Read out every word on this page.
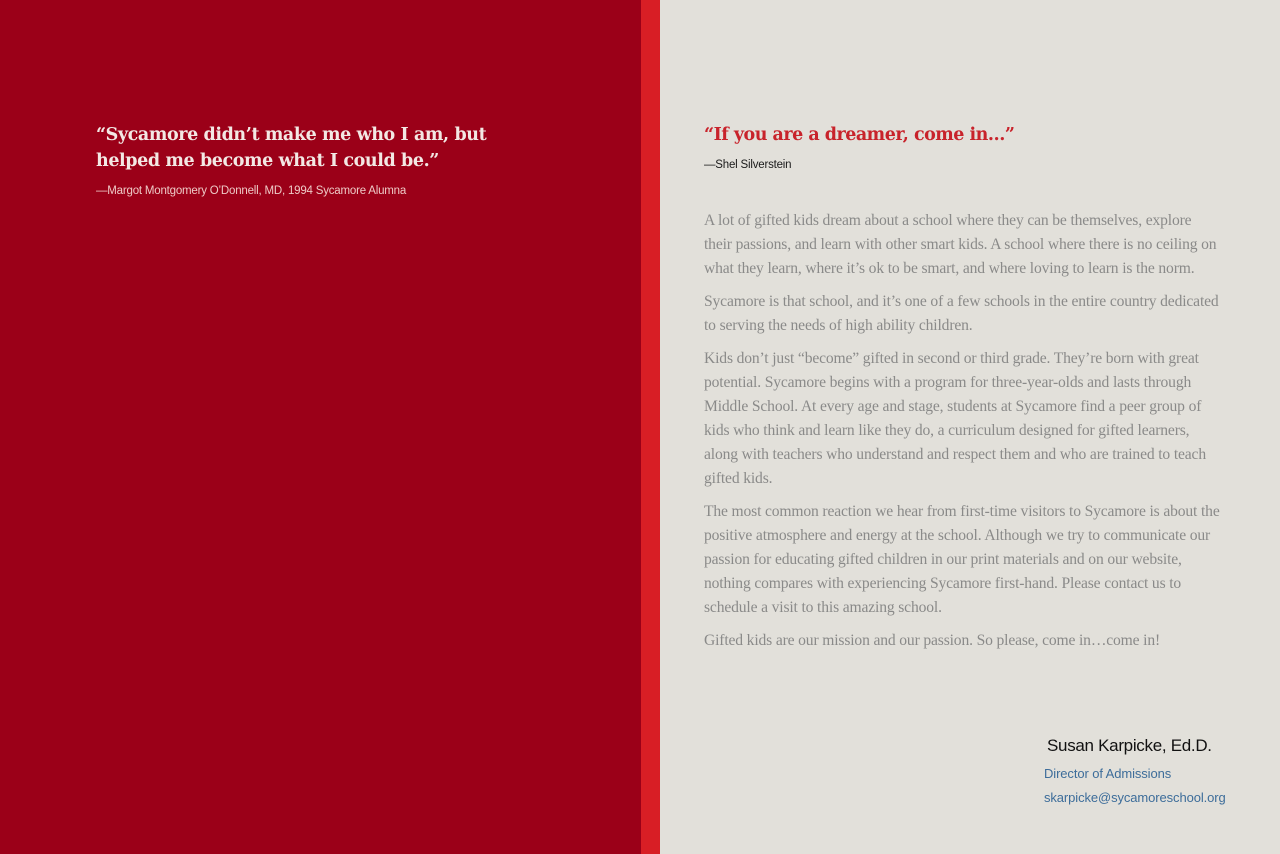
“Sycamore didn’t make me who I am, but helped me become what I could be.”

—Margot Montgomery O’Donnell, MD, 1994 Sycamore Alumna

“If you are a dreamer, come in…”

—Shel Silverstein

A lot of gifted kids dream about a school where they can be themselves, explore their passions, and learn with other smart kids. A school where there is no ceiling on what they learn, where it’s ok to be smart, and where loving to learn is the norm.

Sycamore is that school, and it’s one of a few schools in the entire country dedicated to serving the needs of high ability children.

Kids don’t just “become” gifted in second or third grade. They’re born with great potential. Sycamore begins with a program for three-year-olds and lasts through Middle School. At every age and stage, students at Sycamore find a peer group of kids who think and learn like they do, a curriculum designed for gifted learners, along with teachers who understand and respect them and who are trained to teach gifted kids.

The most common reaction we hear from first-time visitors to Sycamore is about the positive atmosphere and energy at the school. Although we try to communicate our passion for educating gifted children in our print materials and on our website, nothing compares with experiencing Sycamore first-hand. Please contact us to schedule a visit to this amazing school.

Gifted kids are our mission and our passion. So please, come in…come in!

Susan Karpicke, Ed.D.

Director of Admissions

skarpicke@sycamoreschool.org
